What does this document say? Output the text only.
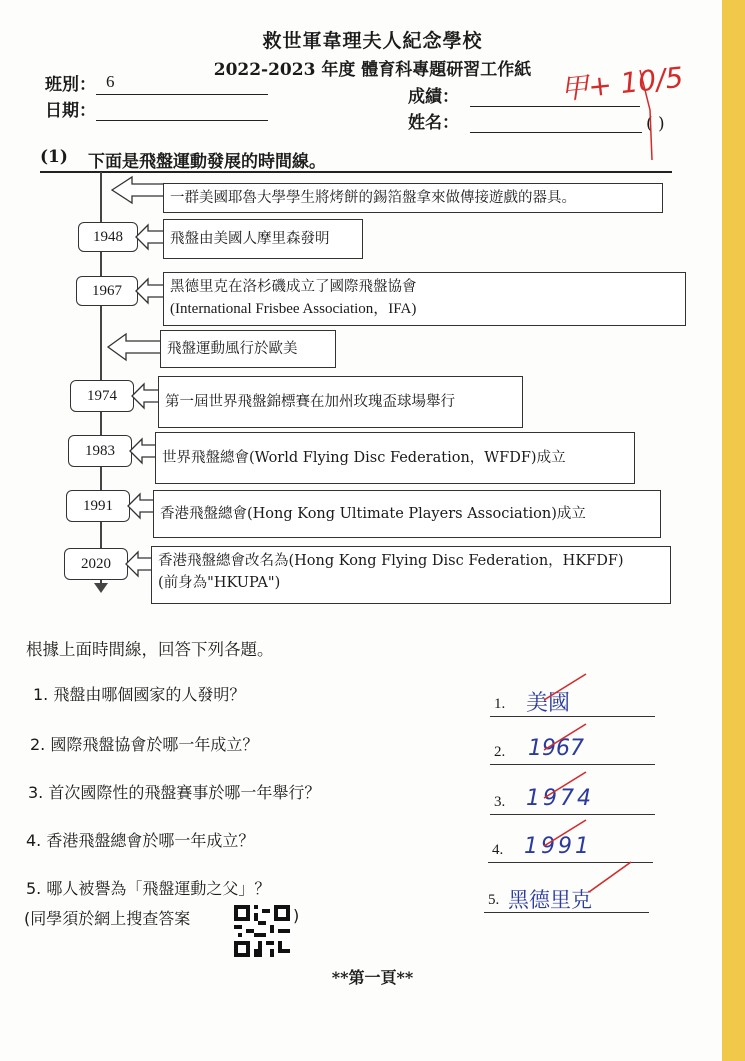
救世軍韋理夫人紀念學校
2022-2023 年度 體育科專題研習工作紙
班別： 6
日期：
成績：
姓名：	( )
甲+ 10/5
(1) 下面是飛盤運動發展的時間線。
一群美國耶魯大學學生將烤餅的錫箔盤拿來做傳接遊戲的器具。
1948	飛盤由美國人摩里森發明
1967	黑德里克在洛杉磯成立了國際飛盤協會
(International Frisbee Association，IFA)
飛盤運動風行於歐美
1974	第一屆世界飛盤錦標賽在加州玫瑰盃球場舉行
1983	世界飛盤總會(World Flying Disc Federation，WFDF)成立
1991	香港飛盤總會(Hong Kong Ultimate Players Association)成立
2020	香港飛盤總會改名為(Hong Kong Flying Disc Federation，HKFDF)
(前身為"HKUPA")
根據上面時間線，回答下列各題。
1. 飛盤由哪個國家的人發明？
2. 國際飛盤協會於哪一年成立？
3. 首次國際性的飛盤賽事於哪一年舉行？
4. 香港飛盤總會於哪一年成立？
5. 哪人被譽為「飛盤運動之父」？
(同學須於網上搜查答案	)
1. 美國
2. 1967
3. 1974
4. 1991
5. 黑德里克
**第一頁**
